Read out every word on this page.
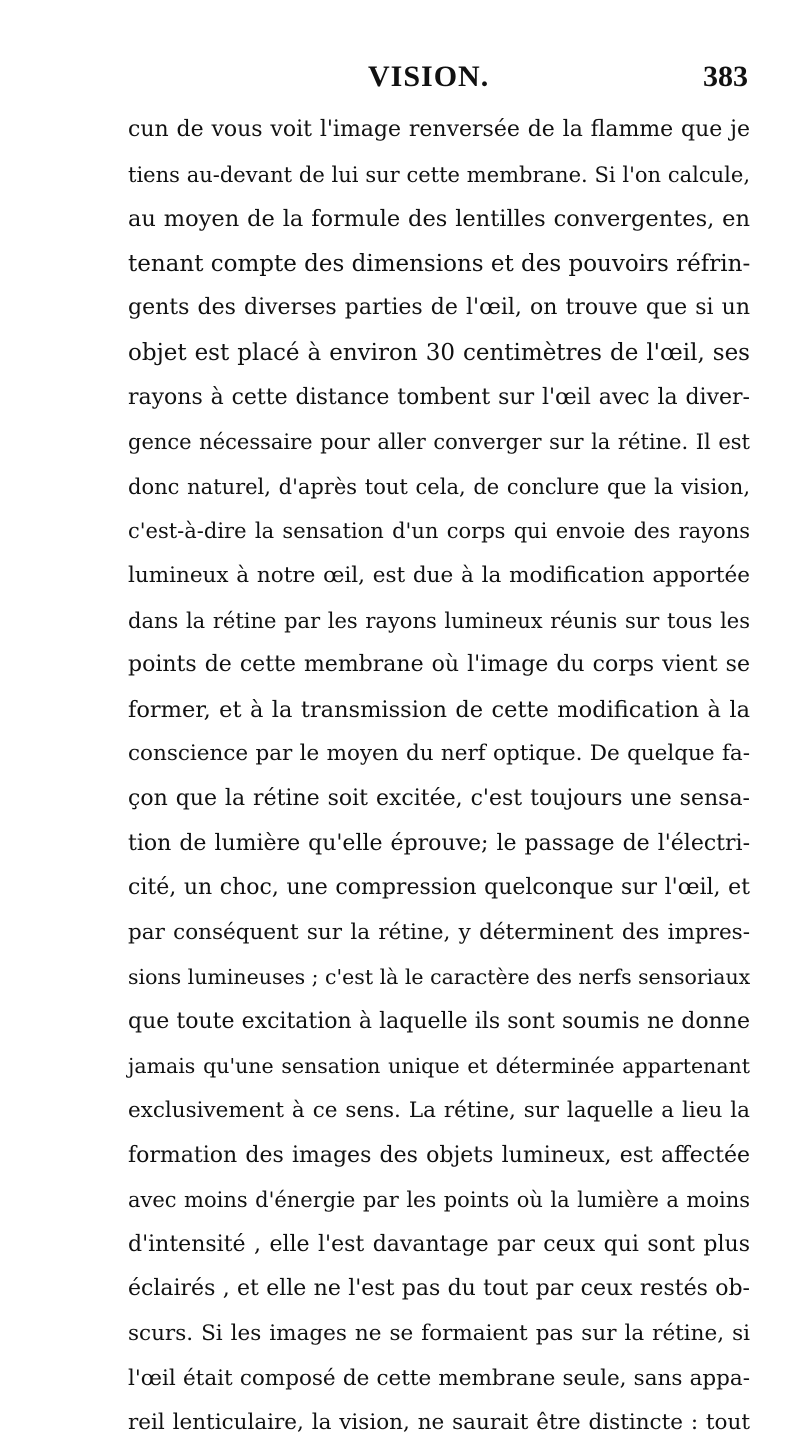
VISION.	383
cun de vous voit l'image renversée de la flamme que je
tiens au-devant de lui sur cette membrane. Si l'on calcule,
au moyen de la formule des lentilles convergentes, en
tenant compte des dimensions et des pouvoirs réfrin-
gents des diverses parties de l'œil, on trouve que si un
objet est placé à environ 30 centimètres de l'œil, ses
rayons à cette distance tombent sur l'œil avec la diver-
gence nécessaire pour aller converger sur la rétine. Il est
donc naturel, d'après tout cela, de conclure que la vision,
c'est-à-dire la sensation d'un corps qui envoie des rayons
lumineux à notre œil, est due à la modification apportée
dans la rétine par les rayons lumineux réunis sur tous les
points de cette membrane où l'image du corps vient se
former, et à la transmission de cette modification à la
conscience par le moyen du nerf optique. De quelque fa-
çon que la rétine soit excitée, c'est toujours une sensa-
tion de lumière qu'elle éprouve; le passage de l'électri-
cité, un choc, une compression quelconque sur l'œil, et
par conséquent sur la rétine, y déterminent des impres-
sions lumineuses ; c'est là le caractère des nerfs sensoriaux
que toute excitation à laquelle ils sont soumis ne donne
jamais qu'une sensation unique et déterminée appartenant
exclusivement à ce sens. La rétine, sur laquelle a lieu la
formation des images des objets lumineux, est affectée
avec moins d'énergie par les points où la lumière a moins
d'intensité , elle l'est davantage par ceux qui sont plus
éclairés , et elle ne l'est pas du tout par ceux restés ob-
scurs. Si les images ne se formaient pas sur la rétine, si
l'œil était composé de cette membrane seule, sans appa-
reil lenticulaire, la vision, ne saurait être distincte : tout
